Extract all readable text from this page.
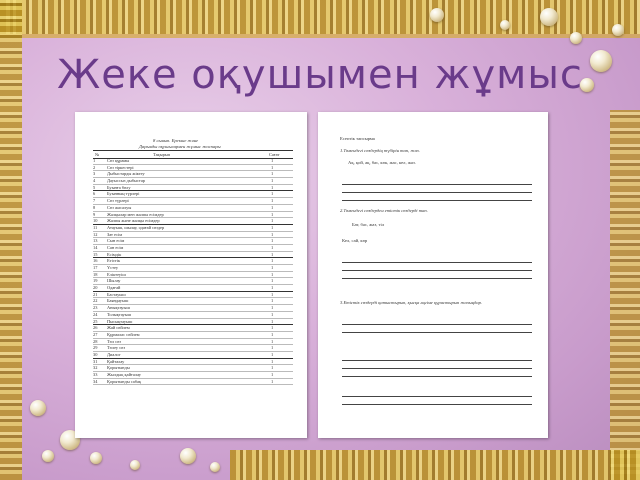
Жеке оқушымен жұмыс
8 сынып. Ерекше және
Дарынды оқушылармен жұмыс жоспары
№	Тақырып	Сағат
1	Сөз құрамы	1
2	Сөз тіркестері	1
3	Дыбыстарды жіктеу	1
4	Дауыссыз дыбыстар	1
5	Буынға бөлу	1
6	Буынның түрлері	1
7	Сөз түрлері	1
8	Сөз жасалуы	1
9	Жалқылар мен жалпы есімдер	1
10	Жалпы және жалқы есімдер	1
11	Атауыш, шылау, одағай сөздер	1
12	Зат есім	1
13	Сын есім	1
14	Сан есім	1
15	Есімдік	1
16	Етістік	1
17	Үстеу	1
18	Еліктеуіш	1
19	Шылау	1
20	Одағай	1
21	Бастауыш	1
22	Баяндауыш	1
23	Анықтауыш	1
24	Толықтауыш	1
25	Пысықтауыш	1
26	Жай сөйлем	1
27	Құрмалас сөйлем	1
28	Төл сөз	1
29	Төлеу сөз	1
30	Диалог	1
31	Қайталау	1
32	Қорытынды	1
33	Жылдық қайталау	1
34	Қорытынды сабақ	1
Есептік тапсырма
1.Төмендегі сөздердің түбірін тап, жаз.
Ақ, қой, ақ, бас, көк, жас, кел, жаз.
2.Төмендегі сөздерден етістік сөздерді тап.
Бат, бас, жаз, тіл
Кел, сай, көр
3.Етістік сөздерді қатыстырып, қысқа әңгіме құрастырып жазыңдар.
